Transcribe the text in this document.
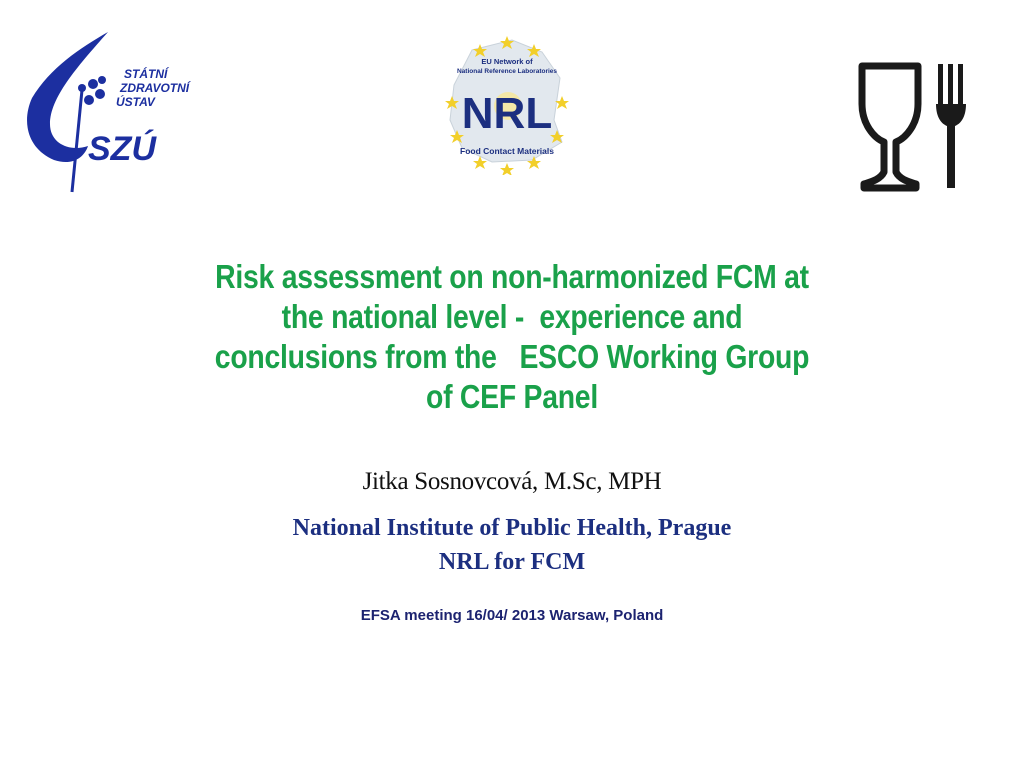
STÁTNÍ
ZDRAVOTNÍ
ÚSTAV
SZÚ
EU Network of
National Reference Laboratories
NRL
Food Contact Materials
Risk assessment on non-harmonized FCM at
the national level -  experience and
conclusions from the   ESCO Working Group
of CEF Panel
Jitka Sosnovcová, M.Sc, MPH
National Institute of Public Health, Prague
NRL for FCM
EFSA meeting 16/04/ 2013 Warsaw, Poland
